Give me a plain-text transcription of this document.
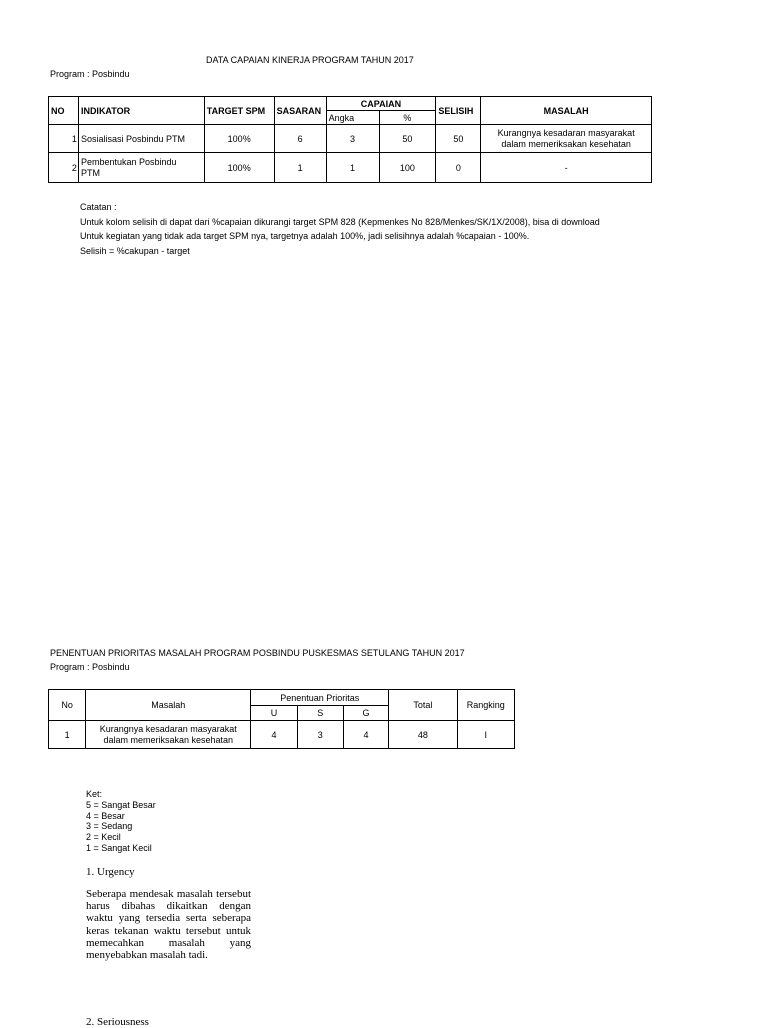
DATA CAPAIAN KINERJA PROGRAM TAHUN 2017
Program : Posbindu
NO	INDIKATOR	TARGET SPM	SASARAN	CAPAIAN		SELISIH	MASALAH
				Angka	%		
1	Sosialisasi Posbindu PTM	100%	6	3	50	50	Kurangnya kesadaran masyarakat dalam memeriksakan kesehatan
2	Pembentukan Posbindu PTM	100%	1	1	100	0	-
Catatan :
Untuk kolom selisih di dapat dari %capaian dikurangi target SPM 828 (Kepmenkes No 828/Menkes/SK/1X/2008), bisa di download
Untuk kegiatan yang tidak ada target SPM nya, targetnya adalah 100%, jadi selisihnya adalah %capaian - 100%.
Selisih = %cakupan - target
PENENTUAN PRIORITAS MASALAH PROGRAM POSBINDU PUSKESMAS SETULANG TAHUN 2017
Program : Posbindu
No	Masalah	Penentuan Prioritas			Total	Rangking
		U	S	G		
1	Kurangnya kesadaran masyarakat dalam memeriksakan kesehatan	4	3	4	48	I
Ket:
5 = Sangat Besar
4 = Besar
3 = Sedang
2 = Kecil
1 = Sangat Kecil
1. Urgency
Seberapa mendesak masalah tersebut harus dibahas dikaitkan dengan waktu yang tersedia serta seberapa keras tekanan waktu tersebut untuk memecahkan masalah yang menyebabkan masalah tadi.
2. Seriousness
